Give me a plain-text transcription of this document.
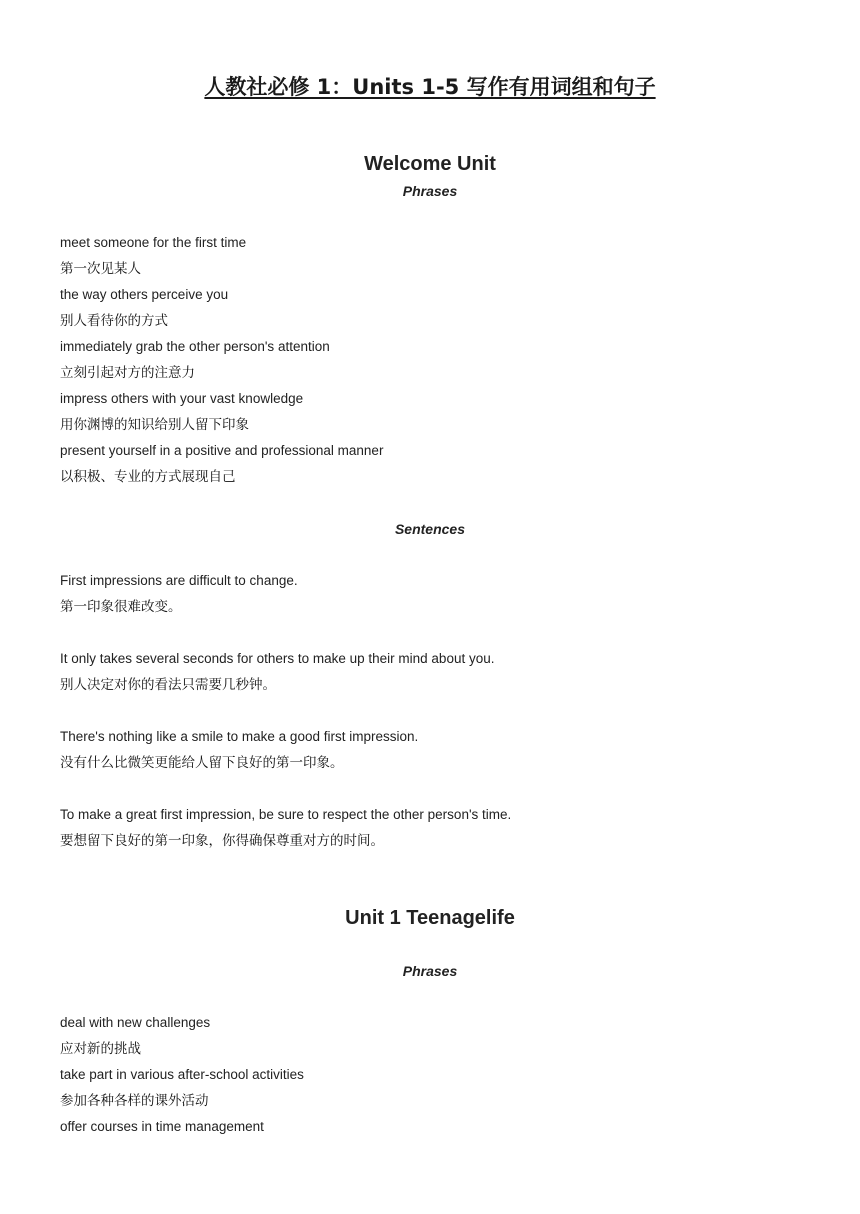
人教社必修 1：Units 1-5 写作有用词组和句子
Welcome Unit
Phrases

meet someone for the first time

第一次见某人

the way others perceive you

别人看待你的方式

immediately grab the other person's attention

立刻引起对方的注意力

impress others with your vast knowledge

用你渊博的知识给别人留下印象

present yourself in a positive and professional manner

以积极、专业的方式展现自己

Sentences

First impressions are difficult to change.

第一印象很难改变。

It only takes several seconds for others to make up their mind about you.

别人决定对你的看法只需要几秒钟。

There's nothing like a smile to make a good first impression.

没有什么比微笑更能给人留下良好的第一印象。

To make a great first impression, be sure to respect the other person's time.

要想留下良好的第一印象，你得确保尊重对方的时间。

Unit 1 Teenagelife
Phrases

deal with new challenges

应对新的挑战

take part in various after-school activities

参加各种各样的课外活动

offer courses in time management
